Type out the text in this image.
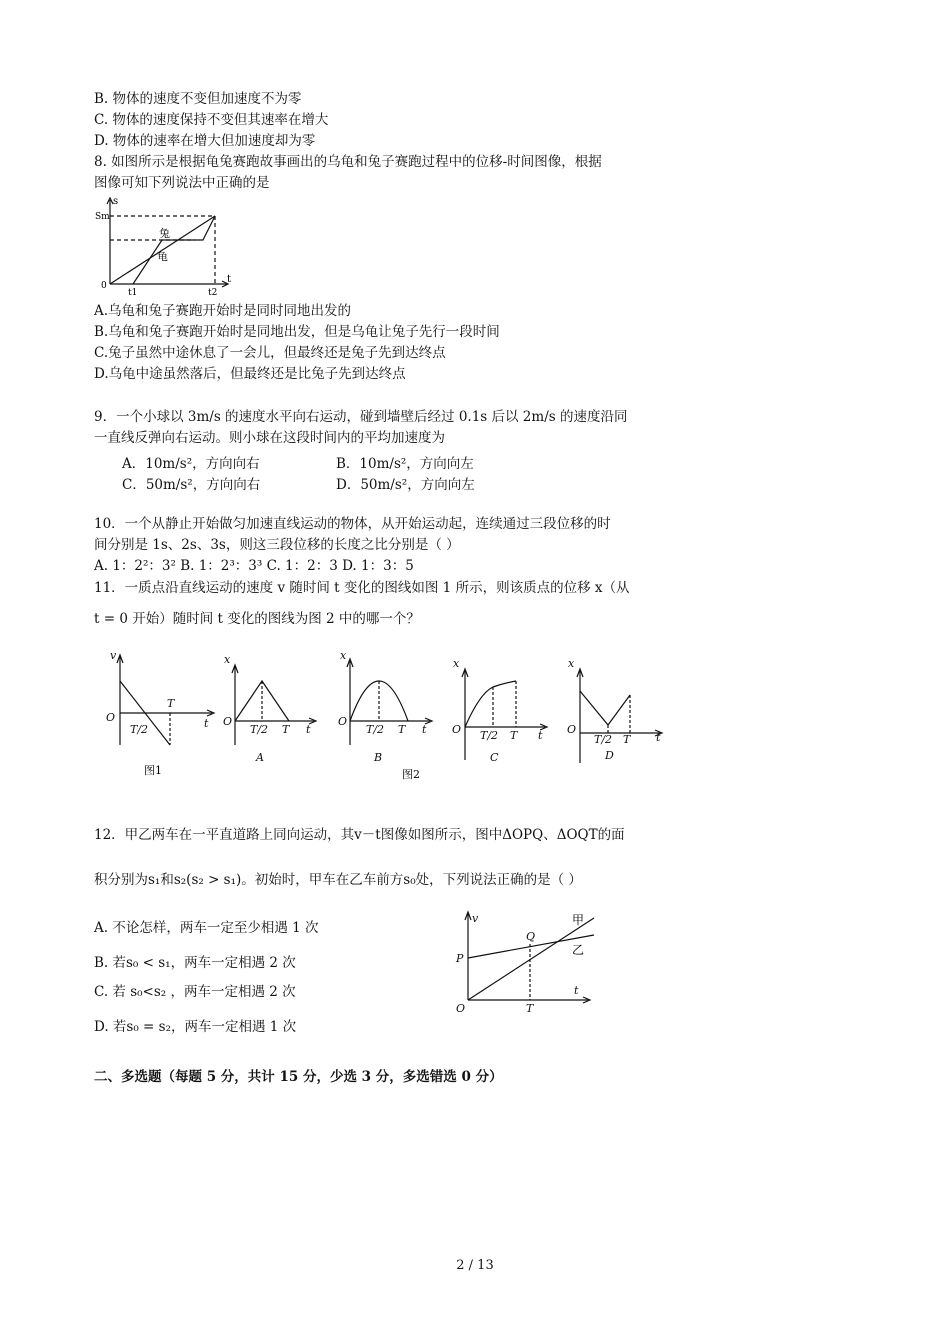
B. 物体的速度不变但加速度不为零
C. 物体的速度保持不变但其速率在增大
D. 物体的速率在增大但加速度却为零
8. 如图所示是根据龟兔赛跑故事画出的乌龟和兔子赛跑过程中的位移-时间图像，根据
图像可知下列说法中正确的是
s
Sm
0
t
t1	t2
兔
龟
A.乌龟和兔子赛跑开始时是同时同地出发的
B.乌龟和兔子赛跑开始时是同地出发，但是乌龟让兔子先行一段时间
C.兔子虽然中途休息了一会儿，但最终还是兔子先到达终点
D.乌龟中途虽然落后，但最终还是比兔子先到达终点
9．一个小球以 3m/s 的速度水平向右运动，碰到墙壁后经过 0.1s 后以 2m/s 的速度沿同
一直线反弹向右运动。则小球在这段时间内的平均加速度为
A．10m/s²，方向向右	B．10m/s²，方向向左
C．50m/s²，方向向右	D．50m/s²，方向向左
10．一个从静止开始做匀加速直线运动的物体，从开始运动起，连续通过三段位移的时
间分别是 1s、2s、3s，则这三段位移的长度之比分别是（ ）
A. 1：2²：3² B. 1：2³：3³ C. 1：2：3 D. 1：3：5
11．一质点沿直线运动的速度 v 随时间 t 变化的图线如图 1 所示，则该质点的位移 x（从
t = 0 开始）随时间 t 变化的图线为图 2 中的哪一个？
v
O
T/2
T
t
x
O
T/2 T t
A
x
O
T/2 T t
B
x
O T/2 T t
C
x
O
T/2 T t
D
图1	图2
12．甲乙两车在一平直道路上同向运动，其v－t图像如图所示，图中ΔOPQ、ΔOQT的面
积分别为s₁和s₂(s₂ > s₁)。初始时，甲车在乙车前方s₀处，下列说法正确的是（ ）
A. 不论怎样，两车一定至少相遇 1 次
B. 若s₀ < s₁，两车一定相遇 2 次
C. 若 s₀<s₂ ，两车一定相遇 2 次
D. 若s₀ = s₂，两车一定相遇 1 次
v
O
P
Q
T
t
甲
乙
二、多选题（每题 5 分，共计 15 分，少选 3 分，多选错选 0 分）
2 / 13
